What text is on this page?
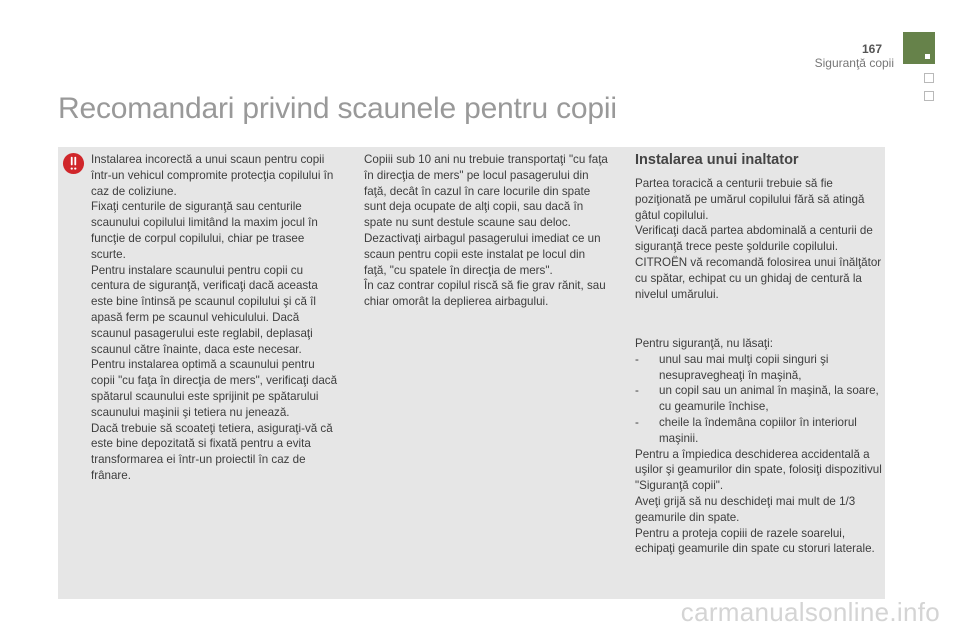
167
Siguranţă copii
Recomandari privind scaunele pentru copii

Instalarea incorectă a unui scaun pentru copii într-un vehicul compromite protecţia copilului în caz de coliziune.

Fixaţi centurile de siguranţă sau centurile scaunului copilului limitând la maxim jocul în funcţie de corpul copilului, chiar pe trasee scurte.

Pentru instalare scaunului pentru copii cu centura de siguranţă, verificaţi dacă aceasta este bine întinsă pe scaunul copilului şi că îl apasă ferm pe scaunul vehiculului. Dacă scaunul pasagerului este reglabil, deplasaţi scaunul către înainte, daca este necesar.

Pentru instalarea optimă a scaunului pentru copii "cu faţa în direcţia de mers", verificaţi dacă spătarul scaunului este sprijinit pe spătarului scaunului maşinii şi tetiera nu jenează.

Dacă trebuie să scoateţi tetiera, asiguraţi-vă că este bine depozitată si fixată pentru a evita transformarea ei într-un proiectil în caz de frânare.

Copiii sub 10 ani nu trebuie transportaţi "cu faţa în direcţia de mers" pe locul pasagerului din faţă, decât în cazul în care locurile din spate sunt deja ocupate de alţi copii, sau dacă în spate nu sunt destule scaune sau deloc.

Dezactivaţi airbagul pasagerului imediat ce un scaun pentru copii este instalat pe locul din faţă, "cu spatele în direcţia de mers".

În caz contrar copilul riscă să fie grav rănit, sau chiar omorât la deplierea airbagului.

Instalarea unui inaltator

Partea toracică a centurii trebuie să fie poziţionată pe umărul copilului fără să atingă gâtul copilului.

Verificaţi dacă partea abdominală a centurii de siguranţă trece peste şoldurile copilului.

CITROËN vă recomandă folosirea unui înălţător cu spătar, echipat cu un ghidaj de centură la nivelul umărului.

Pentru siguranţă, nu lăsaţi:

- unul sau mai mulţi copii singuri şi nesupravegheaţi în maşină,
- un copil sau un animal în maşină, la soare, cu geamurile închise,
- cheile la îndemâna copiilor în interiorul maşinii.

Pentru a împiedica deschiderea accidentală a uşilor şi geamurilor din spate, folosiţi dispozitivul "Siguranţă copii".

Aveţi grijă să nu deschideţi mai mult de 1/3 geamurile din spate.

Pentru a proteja copiii de razele soarelui, echipaţi geamurile din spate cu storuri laterale.

carmanualsonline.info
